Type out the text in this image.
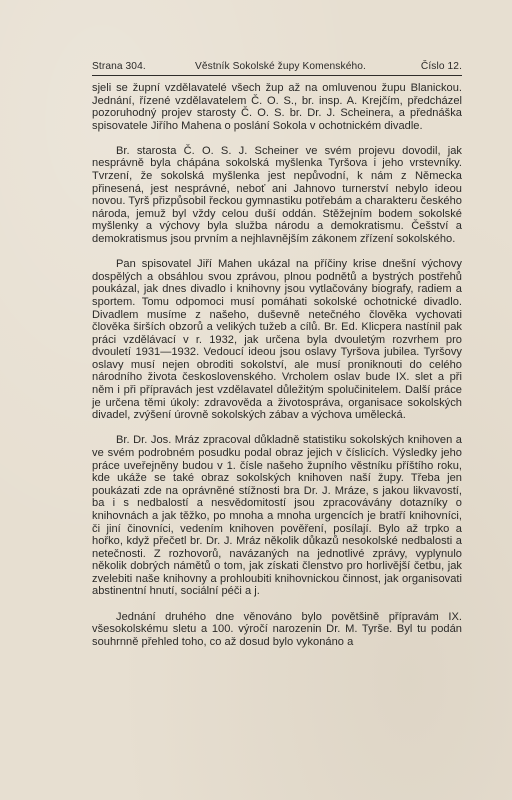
Strana 304.	Věstník Sokolské župy Komenského.	Číslo 12.

sjeli se župní vzdělavatelé všech žup až na omluvenou župu Blanickou. Jednání, řízené vzdělavatelem Č. O. S., br. insp. A. Krejčím, předcházel pozoruhodný projev starosty Č. O. S. br. Dr. J. Scheinera, a přednáška spisovatele Jiřího Mahena o poslání Sokola v ochotnickém divadle.

Br. starosta Č. O. S. J. Scheiner ve svém projevu dovodil, jak nesprávně byla chápána sokolská myšlenka Tyršova i jeho vrstevníky. Tvrzení, že sokolská myšlenka jest nepůvodní, k nám z Německa přinesená, jest nesprávné, neboť ani Jahnovo turnerství nebylo ideou novou. Tyrš přizpůsobil řeckou gymnastiku potřebám a charakteru českého národa, jemuž byl vždy celou duší oddán. Stěžejním bodem sokolské myšlenky a výchovy byla služba národu a demokratismu. Češství a demokratismus jsou prvním a nejhlavnějším zákonem zřízení sokolského.

Pan spisovatel Jiří Mahen ukázal na příčiny krise dnešní výchovy dospělých a obsáhlou svou zprávou, plnou podnětů a bystrých postřehů poukázal, jak dnes divadlo i knihovny jsou vytlačovány biografy, radiem a sportem. Tomu odpomoci musí pomáhati sokolské ochotnické divadlo. Divadlem musíme z našeho, duševně netečného člověka vychovati člověka širších obzorů a velikých tužeb a cílů. Br. Ed. Klicpera nastínil pak práci vzdělávací v r. 1932, jak určena byla dvouletým rozvrhem pro dvouletí 1931—1932. Vedoucí ideou jsou oslavy Tyršova jubilea. Tyršovy oslavy musí nejen obroditi sokolství, ale musí proniknouti do celého národního života československého. Vrcholem oslav bude IX. slet a při něm i při přípravách jest vzdělavatel důležitým spolučinitelem. Další práce je určena těmi úkoly: zdravověda a životospráva, organisace sokolských divadel, zvýšení úrovně sokolských zábav a výchova umělecká.

Br. Dr. Jos. Mráz zpracoval důkladně statistiku sokolských knihoven a ve svém podrobném posudku podal obraz jejich v číslicích. Výsledky jeho práce uveřejněny budou v 1. čísle našeho župního věstníku příštího roku, kde ukáže se také obraz sokolských knihoven naší župy. Třeba jen poukázati zde na oprávněné stížnosti bra Dr. J. Mráze, s jakou likvavostí, ba i s nedbalostí a nesvědomitostí jsou zpracovávány dotazníky o knihovnách a jak těžko, po mnoha a mnoha urgencích je bratří knihovníci, či jiní činovníci, vedením knihoven pověření, posílají. Bylo až trpko a hořko, když přečetl br. Dr. J. Mráz několik důkazů nesokolské nedbalosti a netečnosti. Z rozhovorů, navázaných na jednotlivé zprávy, vyplynulo několik dobrých námětů o tom, jak získati členstvo pro horlivější četbu, jak zvelebiti naše knihovny a prohloubiti knihovnickou činnost, jak organisovati abstinentní hnutí, sociální péči a j.

Jednání druhého dne věnováno bylo povětšině přípravám IX. všesokolskému sletu a 100. výročí narozenin Dr. M. Tyrše. Byl tu podán souhrnně přehled toho, co až dosud bylo vykonáno a
